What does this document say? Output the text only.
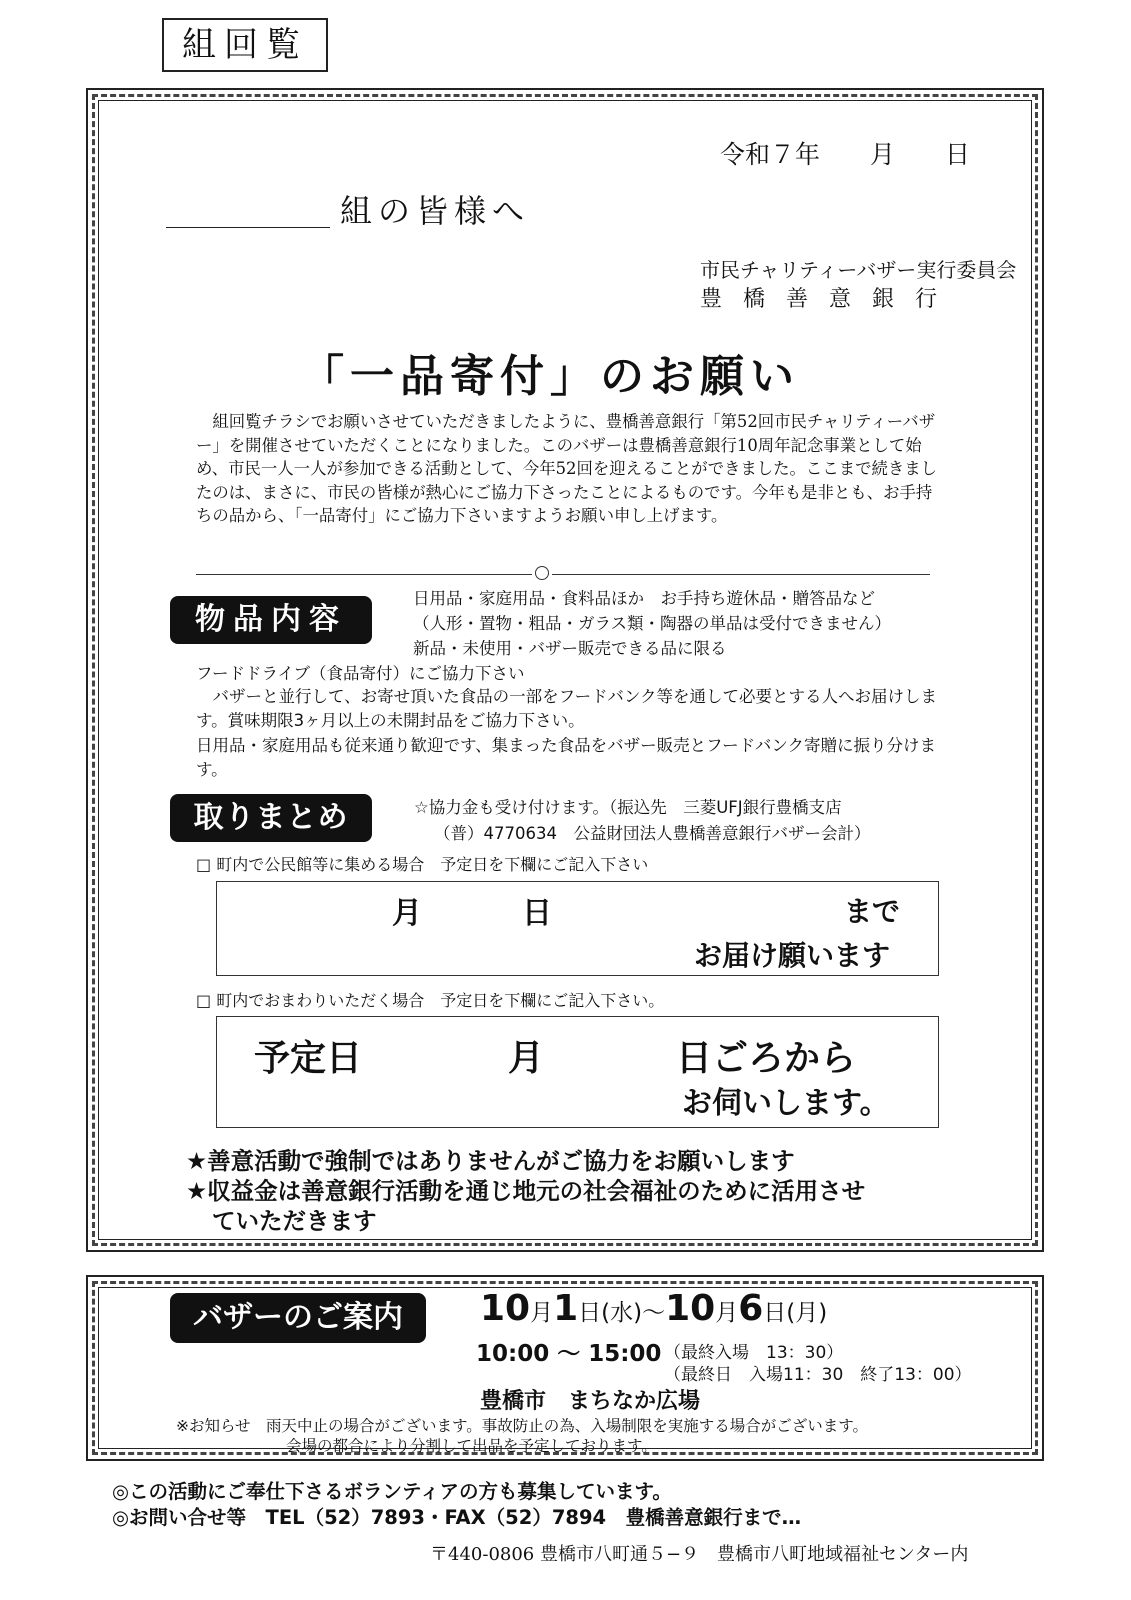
組回覧
令和７年　　月　　日
組の皆様へ
市民チャリティーバザー実行委員会
豊橋善意銀行
「一品寄付」のお願い
組回覧チラシでお願いさせていただきましたように、豊橋善意銀行「第52回市民チャリティーバザー」を開催させていただくことになりました。このバザーは豊橋善意銀行10周年記念事業として始め、市民一人一人が参加できる活動として、今年52回を迎えることができました。ここまで続きましたのは、まさに、市民の皆様が熱心にご協力下さったことによるものです。今年も是非とも、お手持ちの品から、「一品寄付」にご協力下さいますようお願い申し上げます。
物品内容
日用品・家庭用品・食料品ほか　お手持ち遊休品・贈答品など
（人形・置物・粗品・ガラス類・陶器の単品は受付できません）
新品・未使用・バザー販売できる品に限る
フードドライブ（食品寄付）にご協力下さい
バザーと並行して、お寄せ頂いた食品の一部をフードバンク等を通して必要とする人へお届けします。賞味期限3ヶ月以上の未開封品をご協力下さい。
日用品・家庭用品も従来通り歓迎です、集まった食品をバザー販売とフードバンク寄贈に振り分けます。
取りまとめ	☆協力金も受け付けます。（振込先　三菱UFJ銀行豊橋支店
（普）4770634　公益財団法人豊橋善意銀行バザー会計）
□ 町内で公民館等に集める場合　予定日を下欄にご記入下さい
月	日	まで
お届け願います
□ 町内でおまわりいただく場合　予定日を下欄にご記入下さい。
予定日	月	日ごろから
お伺いします。
★善意活動で強制ではありませんがご協力をお願いします
★収益金は善意銀行活動を通じ地元の社会福祉のために活用させ
ていただきます
バザーのご案内	10月1日(水)～10月6日(月)
10:00 ～ 15:00 （最終入場　13：30）
（最終日　入場11：30　終了13：00）
豊橋市　まちなか広場
※お知らせ　雨天中止の場合がございます。事故防止の為、入場制限を実施する場合がございます。
会場の都合により分割して出品を予定しております。
◎この活動にご奉仕下さるボランティアの方も募集しています。
◎お問い合せ等　TEL（52）7893・FAX（52）7894　豊橋善意銀行まで…
〒440-0806 豊橋市八町通５−９　豊橋市八町地域福祉センター内
